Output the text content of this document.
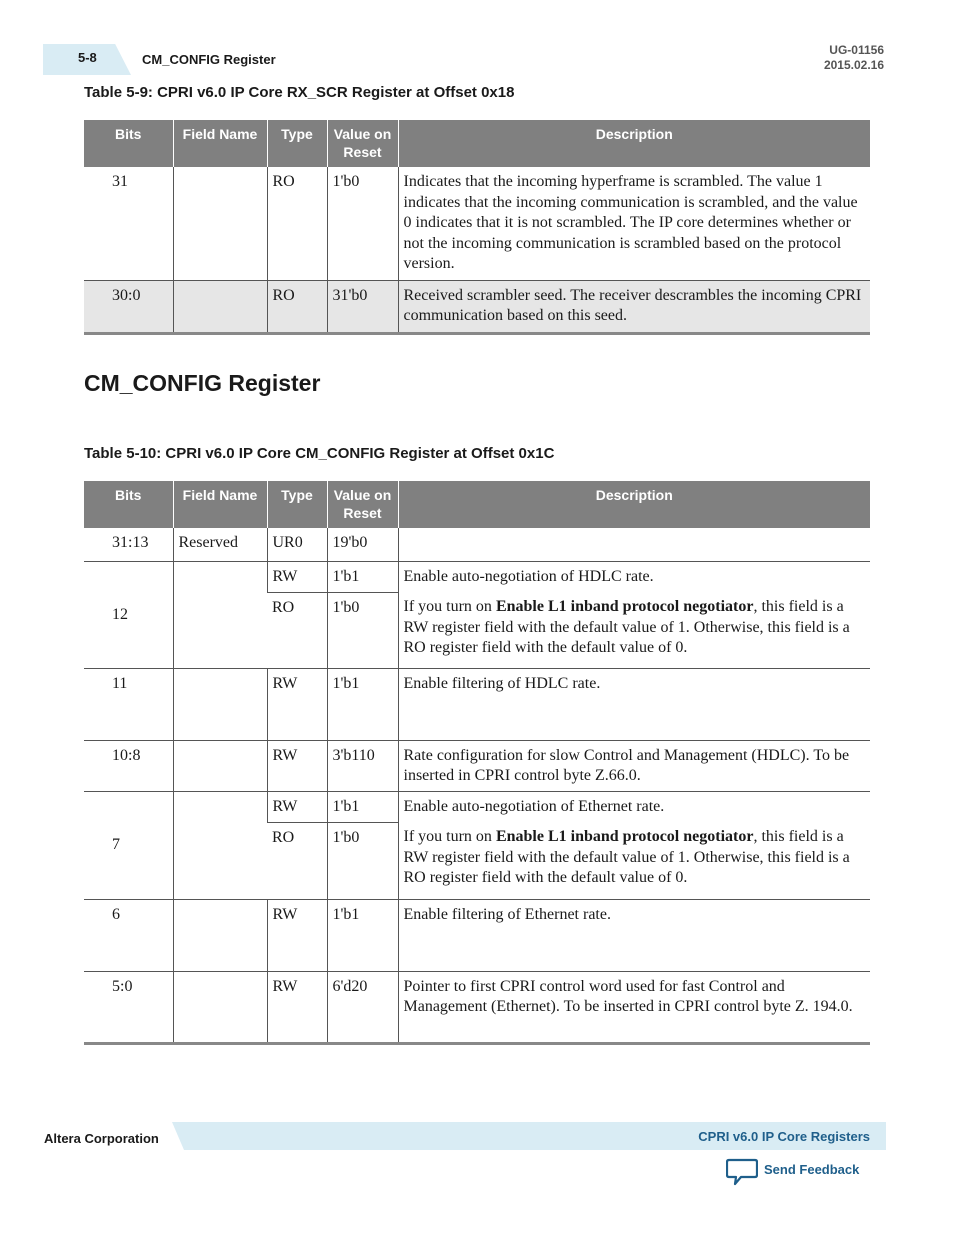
5-8	CM_CONFIG Register
UG-01156
2015.02.16
Table 5-9: CPRI v6.0 IP Core RX_SCR Register at Offset 0x18
Bits	Field Name	Type	Value on Reset	Description
31		RO	1'b0	Indicates that the incoming hyperframe is scrambled. The value 1 indicates that the incoming communication is scrambled, and the value 0 indicates that it is not scrambled. The IP core determines whether or not the incoming communication is scrambled based on the protocol version.
30:0		RO	31'b0	Received scrambler seed. The receiver descrambles the incoming CPRI communication based on this seed.
CM_CONFIG Register
Table 5-10: CPRI v6.0 IP Core CM_CONFIG Register at Offset 0x1C
Bits	Field Name	Type	Value on Reset	Description
31:13	Reserved	UR0	19'b0	
12		RW	1'b1	Enable auto-negotiation of HDLC rate.
		RO	1'b0	If you turn on Enable L1 inband protocol negotiator, this field is a RW register field with the default value of 1. Otherwise, this field is a RO register field with the default value of 0.
11		RW	1'b1	Enable filtering of HDLC rate.
10:8		RW	3'b110	Rate configuration for slow Control and Management (HDLC). To be inserted in CPRI control byte Z.66.0.
7		RW	1'b1	Enable auto-negotiation of Ethernet rate.
		RO	1'b0	If you turn on Enable L1 inband protocol negotiator, this field is a RW register field with the default value of 1. Otherwise, this field is a RO register field with the default value of 0.
6		RW	1'b1	Enable filtering of Ethernet rate.
5:0		RW	6'd20	Pointer to first CPRI control word used for fast Control and Management (Ethernet). To be inserted in CPRI control byte Z. 194.0.
Altera Corporation	CPRI v6.0 IP Core Registers
Send Feedback
